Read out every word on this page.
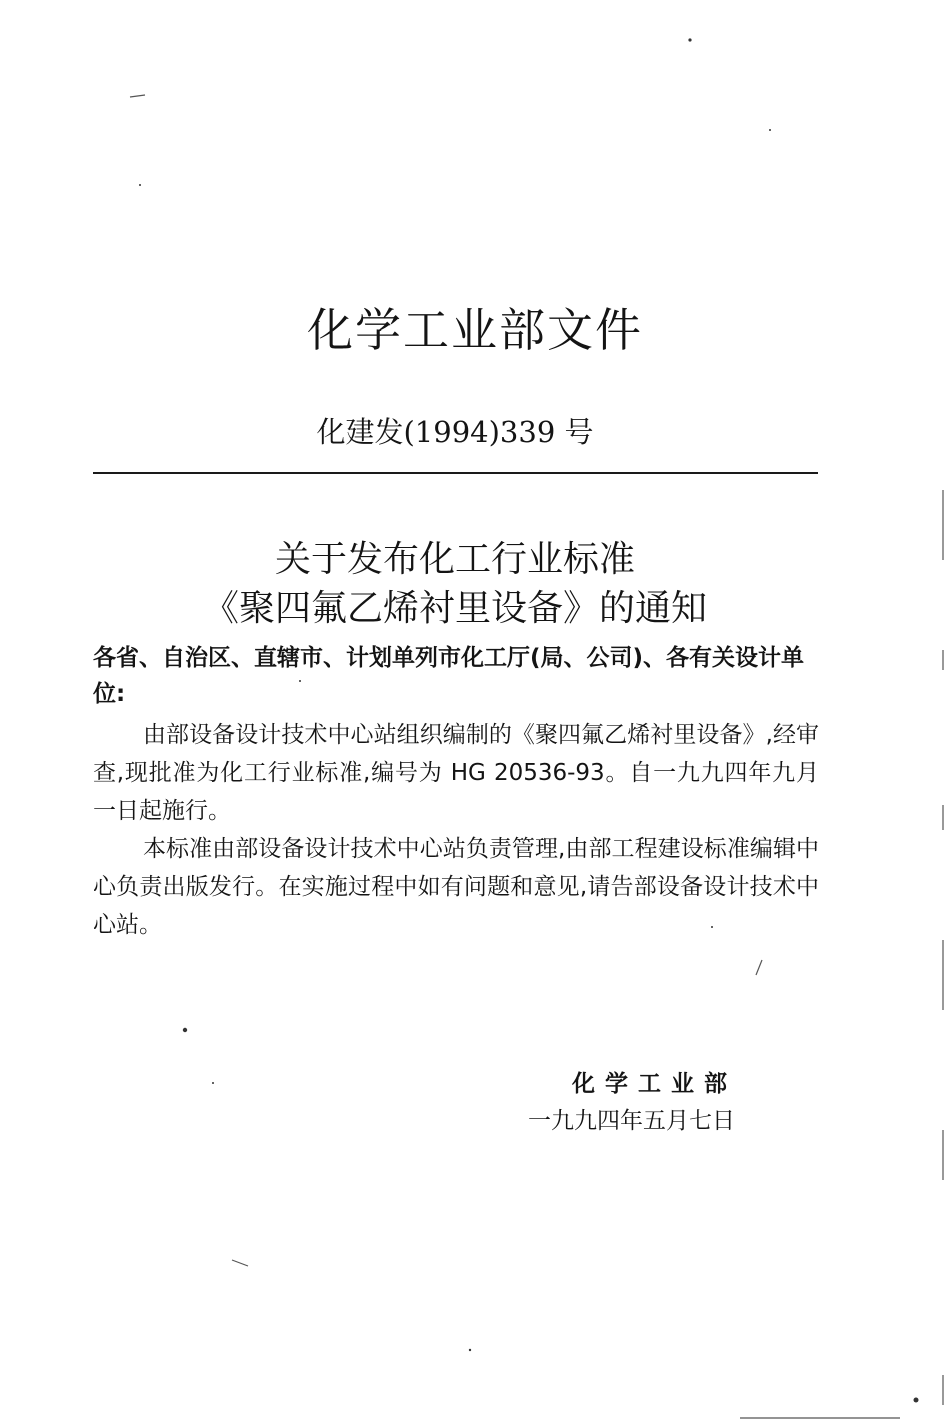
化学工业部文件
化建发(1994)339 号
关于发布化工行业标准
《聚四氟乙烯衬里设备》的通知
各省、自治区、直辖市、计划单列市化工厅(局、公司)、各有关设计单位:

由部设备设计技术中心站组织编制的《聚四氟乙烯衬里设备》,经审查,现批准为化工行业标准,编号为 HG 20536-93。自一九九四年九月一日起施行。

本标准由部设备设计技术中心站负责管理,由部工程建设标准编辑中心负责出版发行。在实施过程中如有问题和意见,请告部设备设计技术中心站。

化学工业部
一九九四年五月七日
